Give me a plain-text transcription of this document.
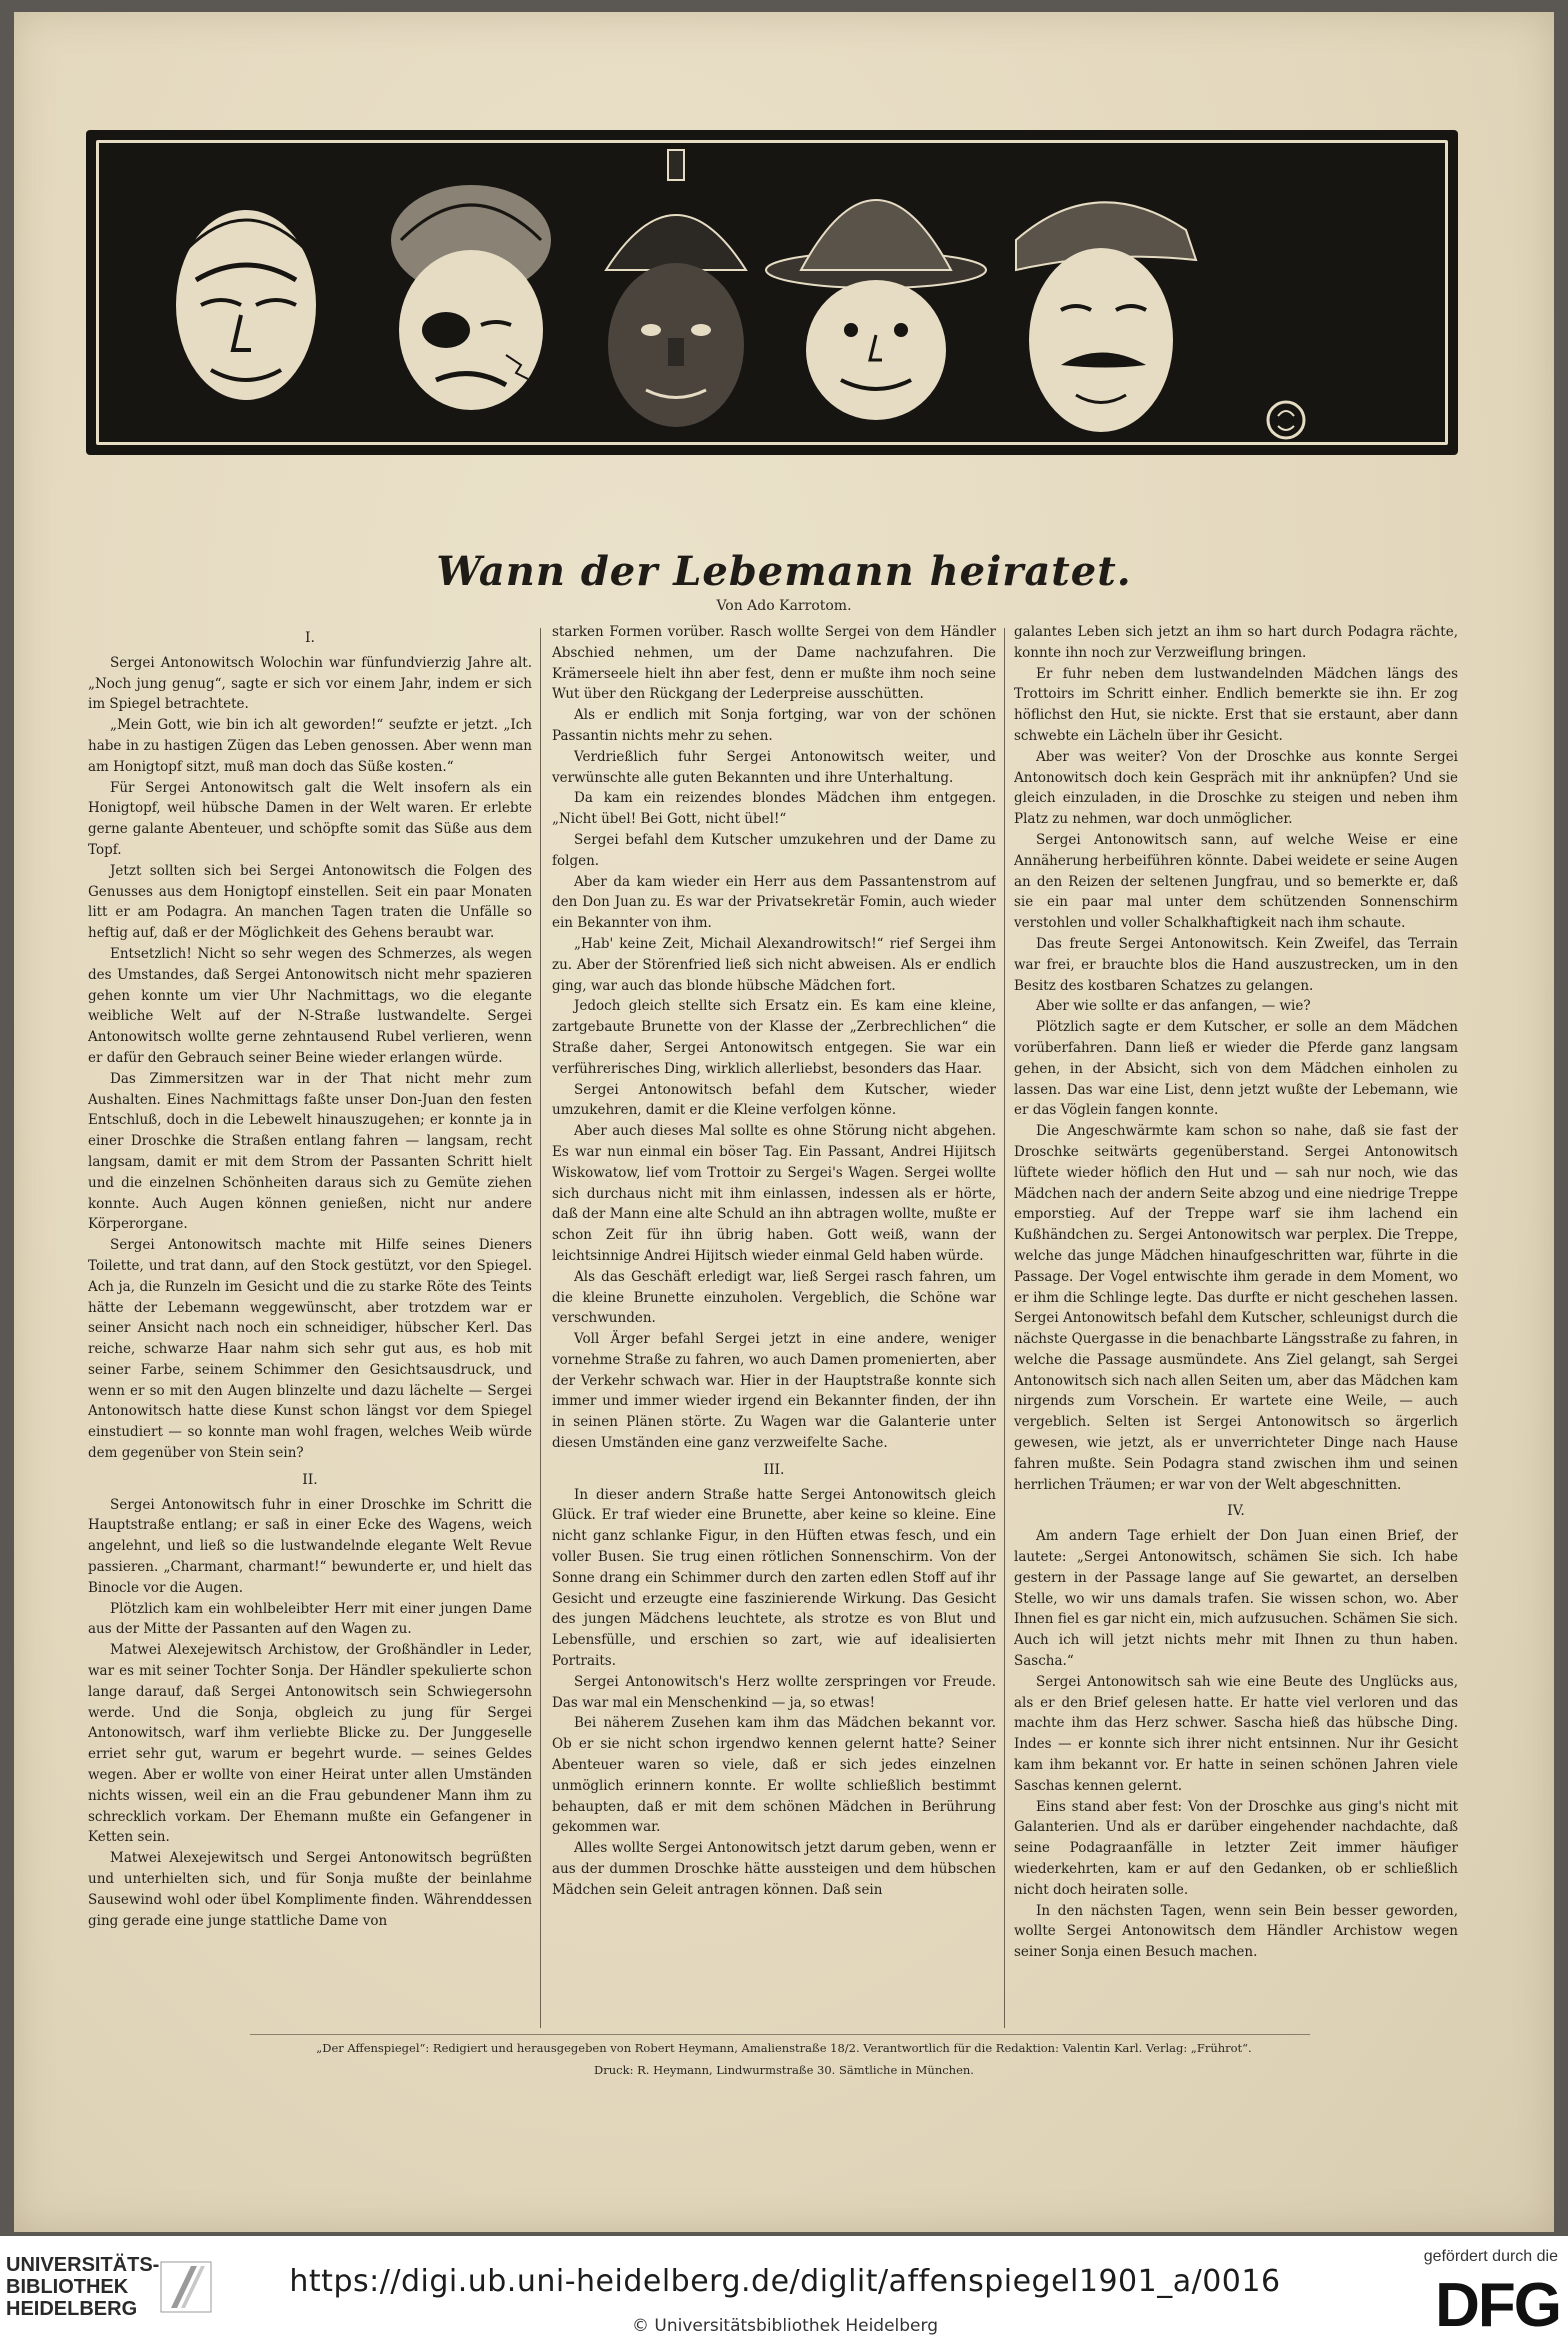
Wann der Lebemann heiratet.
Von Ado Karrotom.

I.

Sergei Antonowitsch Wolochin war fünfundvierzig Jahre alt. „Noch jung genug“, sagte er sich vor einem Jahr, indem er sich im Spiegel betrachtete.

„Mein Gott, wie bin ich alt geworden!“ seufzte er jetzt. „Ich habe in zu hastigen Zügen das Leben genossen. Aber wenn man am Honigtopf sitzt, muß man doch das Süße kosten.“

Für Sergei Antonowitsch galt die Welt insofern als ein Honigtopf, weil hübsche Damen in der Welt waren. Er erlebte gerne galante Abenteuer, und schöpfte somit das Süße aus dem Topf.

Jetzt sollten sich bei Sergei Antonowitsch die Folgen des Genusses aus dem Honigtopf einstellen. Seit ein paar Monaten litt er am Podagra. An manchen Tagen traten die Unfälle so heftig auf, daß er der Möglichkeit des Gehens beraubt war.

Entsetzlich! Nicht so sehr wegen des Schmerzes, als wegen des Umstandes, daß Sergei Antonowitsch nicht mehr spazieren gehen konnte um vier Uhr Nachmittags, wo die elegante weibliche Welt auf der N-Straße lustwandelte. Sergei Antonowitsch wollte gerne zehntausend Rubel verlieren, wenn er dafür den Gebrauch seiner Beine wieder erlangen würde.

Das Zimmersitzen war in der That nicht mehr zum Aushalten. Eines Nachmittags faßte unser Don-Juan den festen Entschluß, doch in die Lebewelt hinauszugehen; er konnte ja in einer Droschke die Straßen entlang fahren — langsam, recht langsam, damit er mit dem Strom der Passanten Schritt hielt und die einzelnen Schönheiten daraus sich zu Gemüte ziehen konnte. Auch Augen können genießen, nicht nur andere Körperorgane.

Sergei Antonowitsch machte mit Hilfe seines Dieners Toilette, und trat dann, auf den Stock gestützt, vor den Spiegel. Ach ja, die Runzeln im Gesicht und die zu starke Röte des Teints hätte der Lebemann weggewünscht, aber trotzdem war er seiner Ansicht nach noch ein schneidiger, hübscher Kerl. Das reiche, schwarze Haar nahm sich sehr gut aus, es hob mit seiner Farbe, seinem Schimmer den Gesichtsausdruck, und wenn er so mit den Augen blinzelte und dazu lächelte — Sergei Antonowitsch hatte diese Kunst schon längst vor dem Spiegel einstudiert — so konnte man wohl fragen, welches Weib würde dem gegenüber von Stein sein?

II.

Sergei Antonowitsch fuhr in einer Droschke im Schritt die Hauptstraße entlang; er saß in einer Ecke des Wagens, weich angelehnt, und ließ so die lustwandelnde elegante Welt Revue passieren. „Charmant, charmant!“ bewunderte er, und hielt das Binocle vor die Augen.

Plötzlich kam ein wohlbeleibter Herr mit einer jungen Dame aus der Mitte der Passanten auf den Wagen zu.

Matwei Alexejewitsch Archistow, der Großhändler in Leder, war es mit seiner Tochter Sonja. Der Händler spekulierte schon lange darauf, daß Sergei Antonowitsch sein Schwiegersohn werde. Und die Sonja, obgleich zu jung für Sergei Antonowitsch, warf ihm verliebte Blicke zu. Der Junggeselle erriet sehr gut, warum er begehrt wurde. — seines Geldes wegen. Aber er wollte von einer Heirat unter allen Umständen nichts wissen, weil ein an die Frau gebundener Mann ihm zu schrecklich vorkam. Der Ehemann mußte ein Gefangener in Ketten sein.

Matwei Alexejewitsch und Sergei Antonowitsch begrüßten und unterhielten sich, und für Sonja mußte der beinlahme Sausewind wohl oder übel Komplimente finden. Währenddessen ging gerade eine junge stattliche Dame von

starken Formen vorüber. Rasch wollte Sergei von dem Händler Abschied nehmen, um der Dame nachzufahren. Die Krämerseele hielt ihn aber fest, denn er mußte ihm noch seine Wut über den Rückgang der Lederpreise ausschütten.

Als er endlich mit Sonja fortging, war von der schönen Passantin nichts mehr zu sehen.

Verdrießlich fuhr Sergei Antonowitsch weiter, und verwünschte alle guten Bekannten und ihre Unterhaltung.

Da kam ein reizendes blondes Mädchen ihm entgegen. „Nicht übel! Bei Gott, nicht übel!“

Sergei befahl dem Kutscher umzukehren und der Dame zu folgen.

Aber da kam wieder ein Herr aus dem Passantenstrom auf den Don Juan zu. Es war der Privatsekretär Fomin, auch wieder ein Bekannter von ihm.

„Hab' keine Zeit, Michail Alexandrowitsch!“ rief Sergei ihm zu. Aber der Störenfried ließ sich nicht abweisen. Als er endlich ging, war auch das blonde hübsche Mädchen fort.

Jedoch gleich stellte sich Ersatz ein. Es kam eine kleine, zartgebaute Brunette von der Klasse der „Zerbrechlichen“ die Straße daher, Sergei Antonowitsch entgegen. Sie war ein verführerisches Ding, wirklich allerliebst, besonders das Haar.

Sergei Antonowitsch befahl dem Kutscher, wieder umzukehren, damit er die Kleine verfolgen könne.

Aber auch dieses Mal sollte es ohne Störung nicht abgehen. Es war nun einmal ein böser Tag. Ein Passant, Andrei Hijitsch Wiskowatow, lief vom Trottoir zu Sergei's Wagen. Sergei wollte sich durchaus nicht mit ihm einlassen, indessen als er hörte, daß der Mann eine alte Schuld an ihn abtragen wollte, mußte er schon Zeit für ihn übrig haben. Gott weiß, wann der leichtsinnige Andrei Hijitsch wieder einmal Geld haben würde.

Als das Geschäft erledigt war, ließ Sergei rasch fahren, um die kleine Brunette einzuholen. Vergeblich, die Schöne war verschwunden.

Voll Ärger befahl Sergei jetzt in eine andere, weniger vornehme Straße zu fahren, wo auch Damen promenierten, aber der Verkehr schwach war. Hier in der Hauptstraße konnte sich immer und immer wieder irgend ein Bekannter finden, der ihn in seinen Plänen störte. Zu Wagen war die Galanterie unter diesen Umständen eine ganz verzweifelte Sache.

III.

In dieser andern Straße hatte Sergei Antonowitsch gleich Glück. Er traf wieder eine Brunette, aber keine so kleine. Eine nicht ganz schlanke Figur, in den Hüften etwas fesch, und ein voller Busen. Sie trug einen rötlichen Sonnenschirm. Von der Sonne drang ein Schimmer durch den zarten edlen Stoff auf ihr Gesicht und erzeugte eine faszinierende Wirkung. Das Gesicht des jungen Mädchens leuchtete, als strotze es von Blut und Lebensfülle, und erschien so zart, wie auf idealisierten Portraits.

Sergei Antonowitsch's Herz wollte zerspringen vor Freude. Das war mal ein Menschenkind — ja, so etwas!

Bei näherem Zusehen kam ihm das Mädchen bekannt vor. Ob er sie nicht schon irgendwo kennen gelernt hatte? Seiner Abenteuer waren so viele, daß er sich jedes einzelnen unmöglich erinnern konnte. Er wollte schließlich bestimmt behaupten, daß er mit dem schönen Mädchen in Berührung gekommen war.

Alles wollte Sergei Antonowitsch jetzt darum geben, wenn er aus der dummen Droschke hätte aussteigen und dem hübschen Mädchen sein Geleit antragen können. Daß sein

galantes Leben sich jetzt an ihm so hart durch Podagra rächte, konnte ihn noch zur Verzweiflung bringen.

Er fuhr neben dem lustwandelnden Mädchen längs des Trottoirs im Schritt einher. Endlich bemerkte sie ihn. Er zog höflichst den Hut, sie nickte. Erst that sie erstaunt, aber dann schwebte ein Lächeln über ihr Gesicht.

Aber was weiter? Von der Droschke aus konnte Sergei Antonowitsch doch kein Gespräch mit ihr anknüpfen? Und sie gleich einzuladen, in die Droschke zu steigen und neben ihm Platz zu nehmen, war doch unmöglicher.

Sergei Antonowitsch sann, auf welche Weise er eine Annäherung herbeiführen könnte. Dabei weidete er seine Augen an den Reizen der seltenen Jungfrau, und so bemerkte er, daß sie ein paar mal unter dem schützenden Sonnenschirm verstohlen und voller Schalkhaftigkeit nach ihm schaute.

Das freute Sergei Antonowitsch. Kein Zweifel, das Terrain war frei, er brauchte blos die Hand auszustrecken, um in den Besitz des kostbaren Schatzes zu gelangen.

Aber wie sollte er das anfangen, — wie?

Plötzlich sagte er dem Kutscher, er solle an dem Mädchen vorüberfahren. Dann ließ er wieder die Pferde ganz langsam gehen, in der Absicht, sich von dem Mädchen einholen zu lassen. Das war eine List, denn jetzt wußte der Lebemann, wie er das Vöglein fangen konnte.

Die Angeschwärmte kam schon so nahe, daß sie fast der Droschke seitwärts gegenüberstand. Sergei Antonowitsch lüftete wieder höflich den Hut und — sah nur noch, wie das Mädchen nach der andern Seite abzog und eine niedrige Treppe emporstieg. Auf der Treppe warf sie ihm lachend ein Kußhändchen zu. Sergei Antonowitsch war perplex. Die Treppe, welche das junge Mädchen hinaufgeschritten war, führte in die Passage. Der Vogel entwischte ihm gerade in dem Moment, wo er ihm die Schlinge legte. Das durfte er nicht geschehen lassen. Sergei Antonowitsch befahl dem Kutscher, schleunigst durch die nächste Quergasse in die benachbarte Längsstraße zu fahren, in welche die Passage ausmündete. Ans Ziel gelangt, sah Sergei Antonowitsch sich nach allen Seiten um, aber das Mädchen kam nirgends zum Vorschein. Er wartete eine Weile, — auch vergeblich. Selten ist Sergei Antonowitsch so ärgerlich gewesen, wie jetzt, als er unverrichteter Dinge nach Hause fahren mußte. Sein Podagra stand zwischen ihm und seinen herrlichen Träumen; er war von der Welt abgeschnitten.

IV.

Am andern Tage erhielt der Don Juan einen Brief, der lautete: „Sergei Antonowitsch, schämen Sie sich. Ich habe gestern in der Passage lange auf Sie gewartet, an derselben Stelle, wo wir uns damals trafen. Sie wissen schon, wo. Aber Ihnen fiel es gar nicht ein, mich aufzusuchen. Schämen Sie sich. Auch ich will jetzt nichts mehr mit Ihnen zu thun haben. Sascha.“

Sergei Antonowitsch sah wie eine Beute des Unglücks aus, als er den Brief gelesen hatte. Er hatte viel verloren und das machte ihm das Herz schwer. Sascha hieß das hübsche Ding. Indes — er konnte sich ihrer nicht entsinnen. Nur ihr Gesicht kam ihm bekannt vor. Er hatte in seinen schönen Jahren viele Saschas kennen gelernt.

Eins stand aber fest: Von der Droschke aus ging's nicht mit Galanterien. Und als er darüber eingehender nachdachte, daß seine Podagraanfälle in letzter Zeit immer häufiger wiederkehrten, kam er auf den Gedanken, ob er schließlich nicht doch heiraten solle.

In den nächsten Tagen, wenn sein Bein besser geworden, wollte Sergei Antonowitsch dem Händler Archistow wegen seiner Sonja einen Besuch machen.

„Der Affenspiegel“: Redigiert und herausgegeben von Robert Heymann, Amalienstraße 18/2. Verantwortlich für die Redaktion: Valentin Karl. Verlag: „Frührot“.
Druck: R. Heymann, Lindwurmstraße 30. Sämtliche in München.
UNIVERSITÄTS-
BIBLIOTHEK
HEIDELBERG
https://digi.ub.uni-heidelberg.de/diglit/affenspiegel1901_a/0016
© Universitätsbibliothek Heidelberg
gefördert durch die
DFG
